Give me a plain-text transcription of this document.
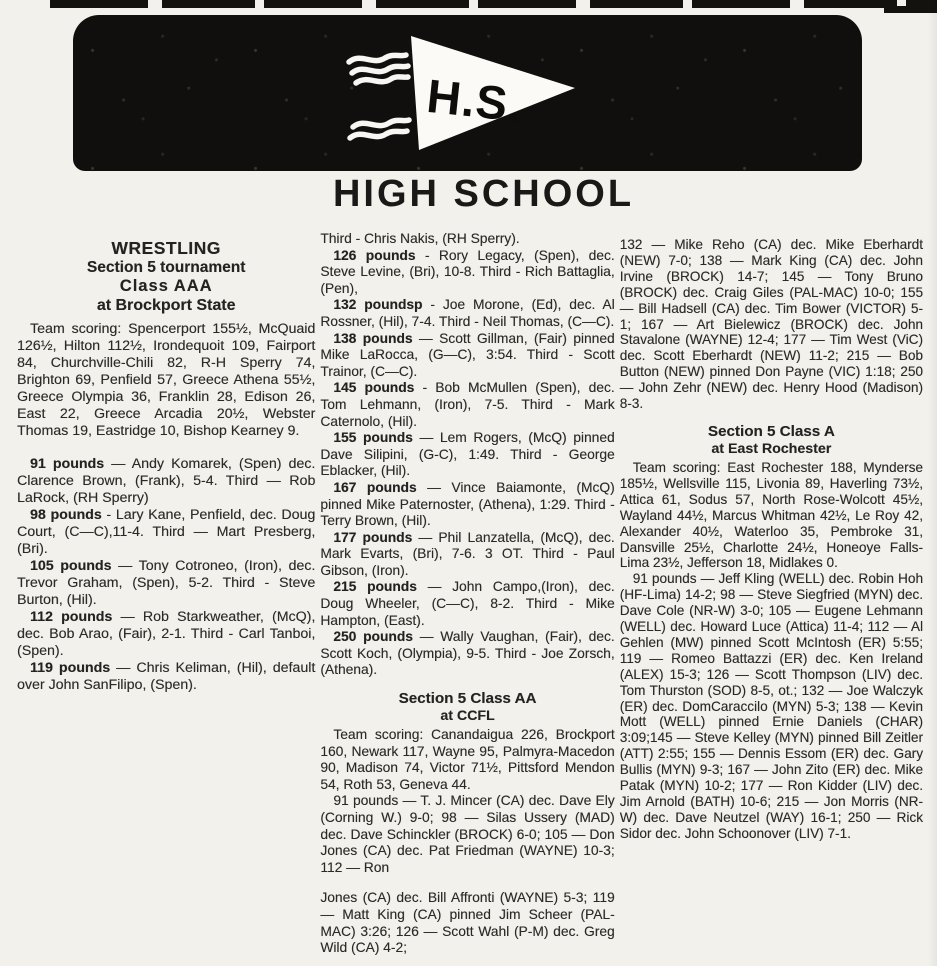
H.S.
HIGH SCHOOL
WRESTLING
Section 5 tournament
Class AAA
at Brockport State

Team scoring: Spencerport 155½, McQuaid 126½, Hilton 112½, Irondequoit 109, Fairport 84, Churchville-Chili 82, R-H Sperry 74, Brighton 69, Penfield 57, Greece Athena 55½, Greece Olympia 36, Franklin 28, Edison 26, East 22, Greece Arcadia 20½, Webster Thomas 19, Eastridge 10, Bishop Kearney 9.

91 pounds — Andy Komarek, (Spen) dec. Clarence Brown, (Frank), 5-4. Third — Rob LaRock, (RH Sperry)

98 pounds - Lary Kane, Penfield, dec. Doug Court, (C—C),11-4. Third — Mart Presberg, (Bri).

105 pounds — Tony Cotroneo, (Iron), dec. Trevor Graham, (Spen), 5-2. Third - Steve Burton, (Hil).

112 pounds — Rob Starkweather, (McQ), dec. Bob Arao, (Fair), 2-1. Third - Carl Tanboi, (Spen).

119 pounds — Chris Keliman, (Hil), default over John SanFilipo, (Spen).

Third - Chris Nakis, (RH Sperry).

126 pounds - Rory Legacy, (Spen), dec. Steve Levine, (Bri), 10-8. Third - Rich Battaglia, (Pen),

132 poundsp - Joe Morone, (Ed), dec. Al Rossner, (Hil), 7-4. Third - Neil Thomas, (C—C).

138 pounds — Scott Gillman, (Fair) pinned Mike LaRocca, (G—C), 3:54. Third - Scott Trainor, (C—C).

145 pounds - Bob McMullen (Spen), dec. Tom Lehmann, (Iron), 7-5. Third - Mark Caternolo, (Hil).

155 pounds — Lem Rogers, (McQ) pinned Dave Silipini, (G-C), 1:49. Third - George Eblacker, (Hil).

167 pounds — Vince Baiamonte, (McQ) pinned Mike Paternoster, (Athena), 1:29. Third - Terry Brown, (Hil).

177 pounds — Phil Lanzatella, (McQ), dec. Mark Evarts, (Bri), 7-6. 3 OT. Third - Paul Gibson, (Iron).

215 pounds — John Campo,(Iron), dec. Doug Wheeler, (C—C), 8-2. Third - Mike Hampton, (East).

250 pounds — Wally Vaughan, (Fair), dec. Scott Koch, (Olympia), 9-5. Third - Joe Zorsch, (Athena).

Section 5 Class AA
at CCFL

Team scoring: Canandaigua 226, Brockport 160, Newark 117, Wayne 95, Palmyra-Macedon 90, Madison 74, Victor 71½, Pittsford Mendon 54, Roth 53, Geneva 44.

91 pounds — T. J. Mincer (CA) dec. Dave Ely (Corning W.) 9-0; 98 — Silas Ussery (MAD) dec. Dave Schinckler (BROCK) 6-0; 105 — Don Jones (CA) dec. Pat Friedman (WAYNE) 10-3; 112 — Ron

Jones (CA) dec. Bill Affronti (WAYNE) 5-3; 119 — Matt King (CA) pinned Jim Scheer (PAL-MAC) 3:26; 126 — Scott Wahl (P-M) dec. Greg Wild (CA) 4-2;

132 — Mike Reho (CA) dec. Mike Eberhardt (NEW) 7-0; 138 — Mark King (CA) dec. John Irvine (BROCK) 14-7; 145 — Tony Bruno (BROCK) dec. Craig Giles (PAL-MAC) 10-0; 155 — Bill Hadsell (CA) dec. Tim Bower (VICTOR) 5-1; 167 — Art Bielewicz (BROCK) dec. John Stavalone (WAYNE) 12-4; 177 — Tim West (ViC) dec. Scott Eberhardt (NEW) 11-2; 215 — Bob Button (NEW) pinned Don Payne (VIC) 1:18; 250 — John Zehr (NEW) dec. Henry Hood (Madison) 8-3.

Section 5 Class A
at East Rochester

Team scoring: East Rochester 188, Mynderse 185½, Wellsville 115, Livonia 89, Haverling 73½, Attica 61, Sodus 57, North Rose-Wolcott 45½, Wayland 44½, Marcus Whitman 42½, Le Roy 42, Alexander 40½, Waterloo 35, Pembroke 31, Dansville 25½, Charlotte 24½, Honeoye Falls-Lima 23½, Jefferson 18, Midlakes 0.

91 pounds — Jeff Kling (WELL) dec. Robin Hoh (HF-Lima) 14-2; 98 — Steve Siegfried (MYN) dec. Dave Cole (NR-W) 3-0; 105 — Eugene Lehmann (WELL) dec. Howard Luce (Attica) 11-4; 112 — Al Gehlen (MW) pinned Scott McIntosh (ER) 5:55; 119 — Romeo Battazzi (ER) dec. Ken Ireland (ALEX) 15-3; 126 — Scott Thompson (LIV) dec. Tom Thurston (SOD) 8-5, ot.; 132 — Joe Walczyk (ER) dec. DomCaraccilo (MYN) 5-3; 138 — Kevin Mott (WELL) pinned Ernie Daniels (CHAR) 3:09;145 — Steve Kelley (MYN) pinned Bill Zeitler (ATT) 2:55; 155 — Dennis Essom (ER) dec. Gary Bullis (MYN) 9-3; 167 — John Zito (ER) dec. Mike Patak (MYN) 10-2; 177 — Ron Kidder (LIV) dec. Jim Arnold (BATH) 10-6; 215 — Jon Morris (NR-W) dec. Dave Neutzel (WAY) 16-1; 250 — Rick Sidor dec. John Schoonover (LIV) 7-1.
